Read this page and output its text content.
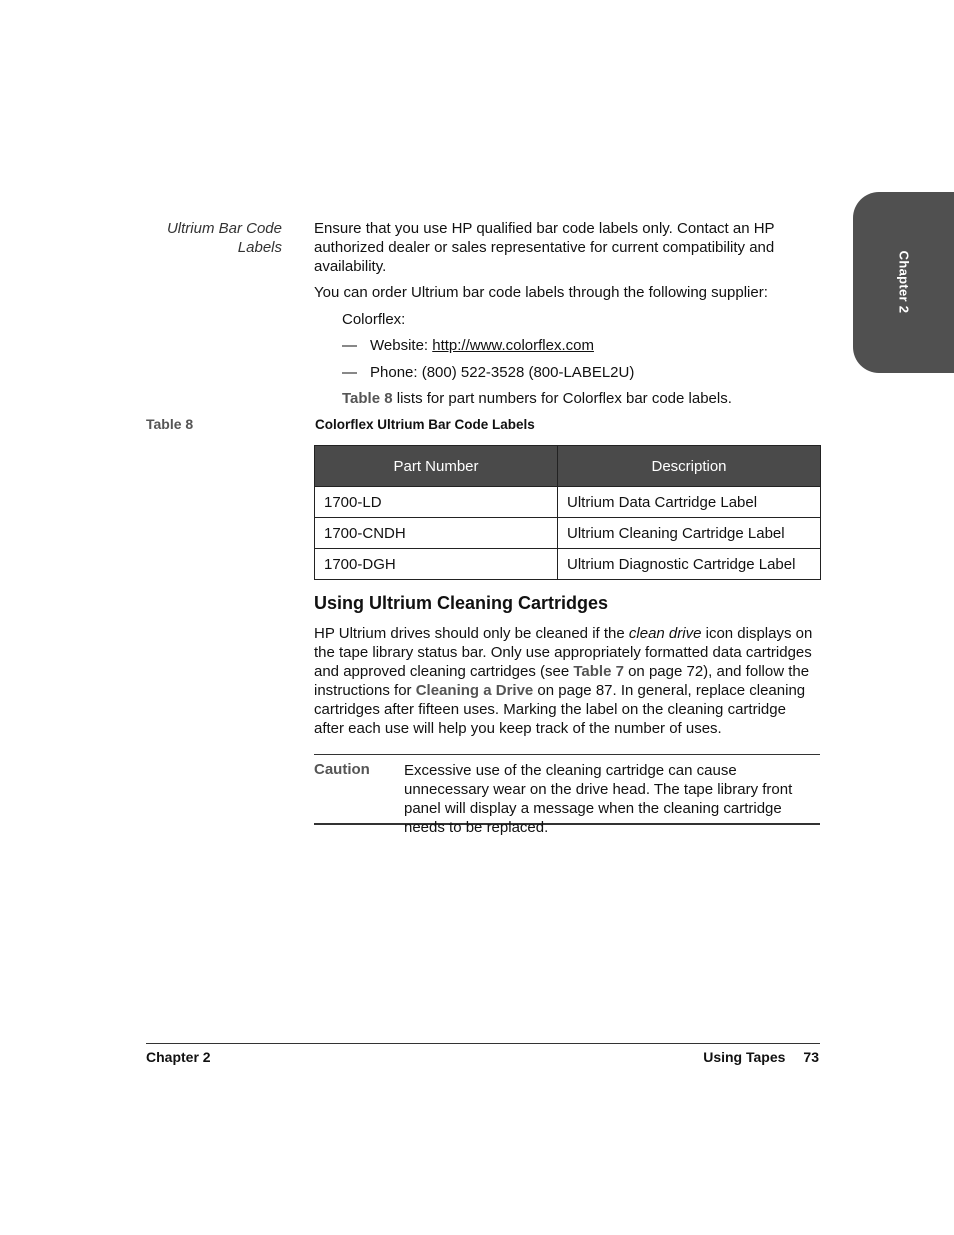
Chapter 2
Ultrium Bar Code
Labels

Ensure that you use HP qualified bar code labels only. Contact an HP authorized dealer or sales representative for current compatibility and availability.

You can order Ultrium bar code labels through the following supplier:

Colorflex:

— Website: http://www.colorflex.com

— Phone: (800) 522-3528 (800-LABEL2U)

Table 8 lists for part numbers for Colorflex bar code labels.

Table 8	Colorflex Ultrium Bar Code Labels
Part Number	Description
1700-LD	Ultrium Data Cartridge Label
1700-CNDH	Ultrium Cleaning Cartridge Label
1700-DGH	Ultrium Diagnostic Cartridge Label
Using Ultrium Cleaning Cartridges

HP Ultrium drives should only be cleaned if the clean drive icon displays on the tape library status bar. Only use appropriately formatted data cartridges and approved cleaning cartridges (see Table 7 on page 72), and follow the instructions for Cleaning a Drive on page 87. In general, replace cleaning cartridges after fifteen uses. Marking the label on the cleaning cartridge after each use will help you keep track of the number of uses.

Caution Excessive use of the cleaning cartridge can cause unnecessary wear on the drive head. The tape library front panel will display a message when the cleaning cartridge needs to be replaced.
Chapter 2	Using Tapes 73
